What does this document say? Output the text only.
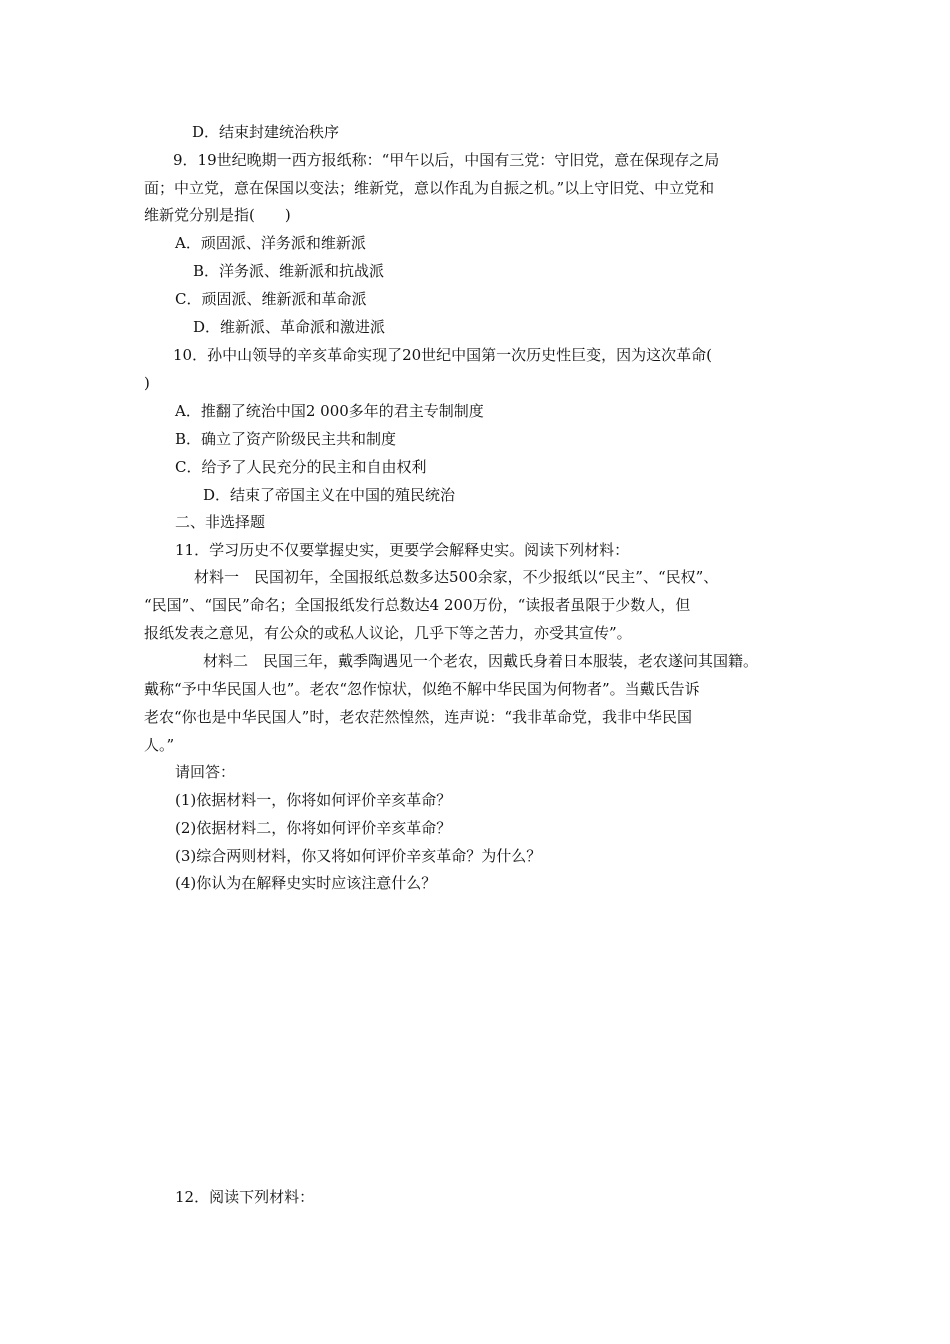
D．结束封建统治秩序
9．19世纪晚期一西方报纸称：“甲午以后，中国有三党：守旧党，意在保现存之局
面；中立党，意在保国以变法；维新党，意以作乱为自振之机。”以上守旧党、中立党和
维新党分别是指(　　)
A．顽固派、洋务派和维新派
B．洋务派、维新派和抗战派
C．顽固派、维新派和革命派
D．维新派、革命派和激进派
10．孙中山领导的辛亥革命实现了20世纪中国第一次历史性巨变，因为这次革命(
)
A．推翻了统治中国2 000多年的君主专制制度
B．确立了资产阶级民主共和制度
C．给予了人民充分的民主和自由权利
D．结束了帝国主义在中国的殖民统治
二、非选择题
11．学习历史不仅要掌握史实，更要学会解释史实。阅读下列材料：
材料一　民国初年，全国报纸总数多达500余家，不少报纸以“民主”、“民权”、
“民国”、“国民”命名；全国报纸发行总数达4 200万份，“读报者虽限于少数人，但
报纸发表之意见，有公众的或私人议论，几乎下等之苦力，亦受其宣传”。
材料二　民国三年，戴季陶遇见一个老农，因戴氏身着日本服装，老农遂问其国籍。
戴称“予中华民国人也”。老农“忽作惊状，似绝不解中华民国为何物者”。当戴氏告诉
老农“你也是中华民国人”时，老农茫然惶然，连声说：“我非革命党，我非中华民国
人。”
请回答：
(1)依据材料一，你将如何评价辛亥革命？
(2)依据材料二，你将如何评价辛亥革命？
(3)综合两则材料，你又将如何评价辛亥革命？为什么？
(4)你认为在解释史实时应该注意什么？
12．阅读下列材料：
